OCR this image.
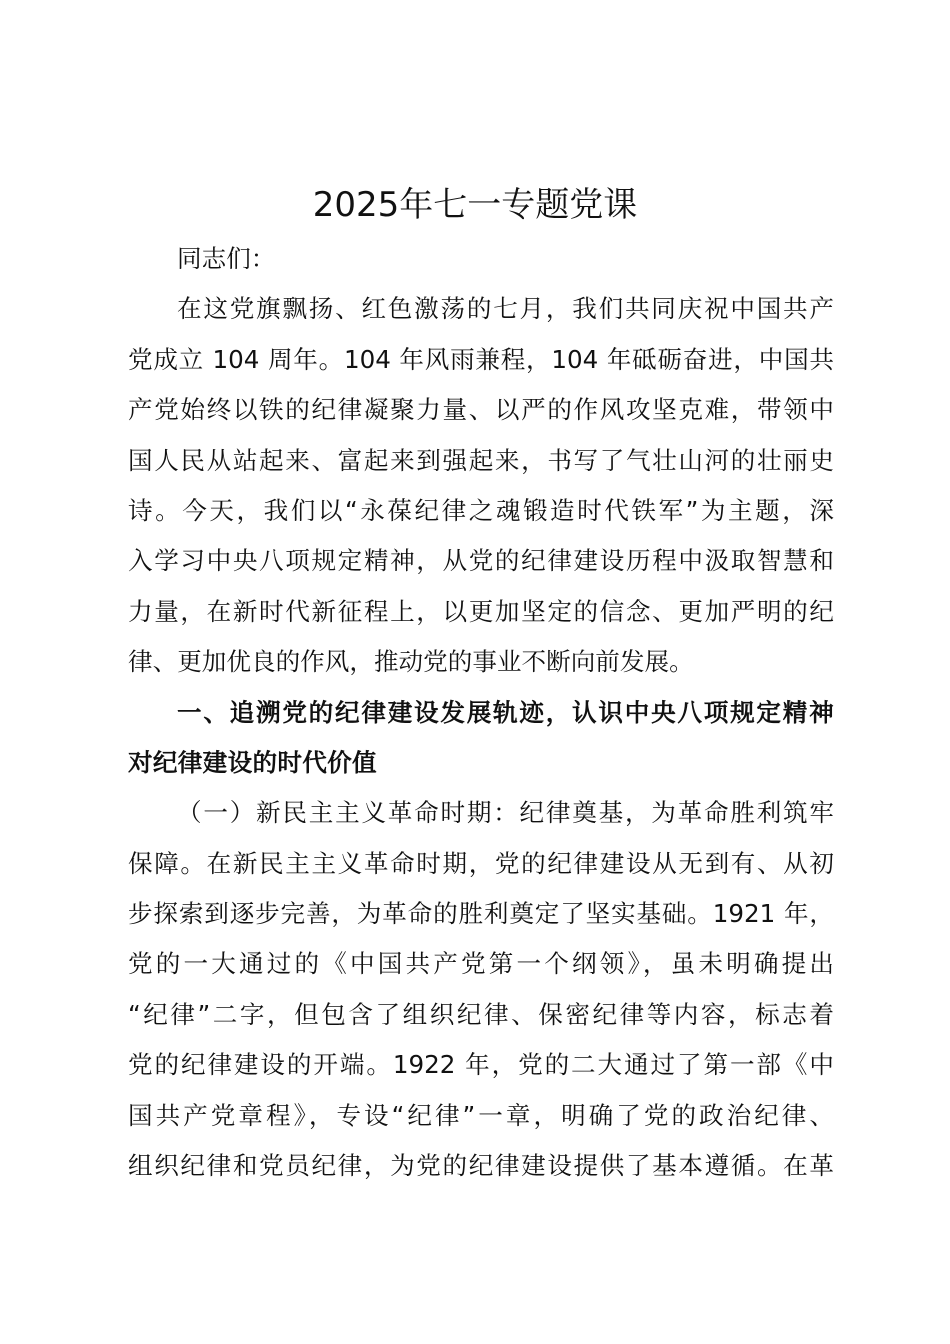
2025年七一专题党课
同志们：
在这党旗飘扬、红色激荡的七月，我们共同庆祝中国共产
党成立 104 周年。104 年风雨兼程，104 年砥砺奋进，中国共
产党始终以铁的纪律凝聚力量、以严的作风攻坚克难，带领中
国人民从站起来、富起来到强起来，书写了气壮山河的壮丽史
诗。今天，我们以“永葆纪律之魂锻造时代铁军”为主题，深
入学习中央八项规定精神，从党的纪律建设历程中汲取智慧和
力量，在新时代新征程上，以更加坚定的信念、更加严明的纪
律、更加优良的作风，推动党的事业不断向前发展。
一、追溯党的纪律建设发展轨迹，认识中央八项规定精神
对纪律建设的时代价值
（一）新民主主义革命时期：纪律奠基，为革命胜利筑牢
保障。在新民主主义革命时期，党的纪律建设从无到有、从初
步探索到逐步完善，为革命的胜利奠定了坚实基础。1921 年，
党的一大通过的《中国共产党第一个纲领》，虽未明确提出
“纪律”二字，但包含了组织纪律、保密纪律等内容，标志着
党的纪律建设的开端。1922 年，党的二大通过了第一部《中
国共产党章程》，专设“纪律”一章，明确了党的政治纪律、
组织纪律和党员纪律，为党的纪律建设提供了基本遵循。在革
